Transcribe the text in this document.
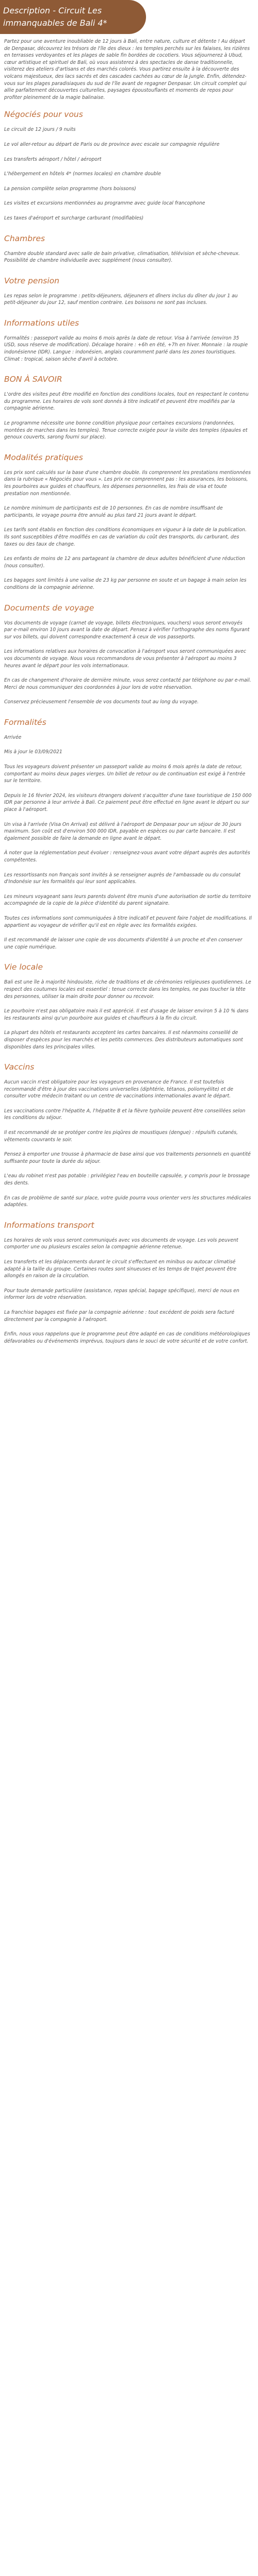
Description - Circuit Les immanquables de Bali 4*

Partez pour une aventure inoubliable de 12 jours à Bali, entre nature, culture et détente ! Au départ de Denpasar, découvrez les trésors de l'île des dieux : les temples perchés sur les falaises, les rizières en terrasses verdoyantes et les plages de sable fin bordées de cocotiers. Vous séjournerez à Ubud, cœur artistique et spirituel de Bali, où vous assisterez à des spectacles de danse traditionnelle, visiterez des ateliers d'artisans et des marchés colorés. Vous partirez ensuite à la découverte des volcans majestueux, des lacs sacrés et des cascades cachées au cœur de la jungle. Enfin, détendez-vous sur les plages paradisiaques du sud de l'île avant de regagner Denpasar. Un circuit complet qui allie parfaitement découvertes culturelles, paysages époustouflants et moments de repos pour profiter pleinement de la magie balinaise.

Négociés pour vous

Le circuit de 12 jours / 9 nuits

Le vol aller-retour au départ de Paris ou de province avec escale sur compagnie régulière

Les transferts aéroport / hôtel / aéroport

L'hébergement en hôtels 4* (normes locales) en chambre double

La pension complète selon programme (hors boissons)

Les visites et excursions mentionnées au programme avec guide local francophone

Les taxes d'aéroport et surcharge carburant (modifiables)

Chambres

Chambre double standard avec salle de bain privative, climatisation, télévision et sèche-cheveux. Possibilité de chambre individuelle avec supplément (nous consulter).

Votre pension

Les repas selon le programme : petits-déjeuners, déjeuners et dîners inclus du dîner du jour 1 au petit-déjeuner du jour 12, sauf mention contraire. Les boissons ne sont pas incluses.

Informations utiles

Formalités : passeport valide au moins 6 mois après la date de retour. Visa à l'arrivée (environ 35 USD, sous réserve de modification). Décalage horaire : +6h en été, +7h en hiver. Monnaie : la roupie indonésienne (IDR). Langue : indonésien, anglais couramment parlé dans les zones touristiques. Climat : tropical, saison sèche d'avril à octobre.

BON À SAVOIR

L'ordre des visites peut être modifié en fonction des conditions locales, tout en respectant le contenu du programme. Les horaires de vols sont donnés à titre indicatif et peuvent être modifiés par la compagnie aérienne.

Le programme nécessite une bonne condition physique pour certaines excursions (randonnées, montées de marches dans les temples). Tenue correcte exigée pour la visite des temples (épaules et genoux couverts, sarong fourni sur place).

Modalités pratiques

Les prix sont calculés sur la base d'une chambre double. Ils comprennent les prestations mentionnées dans la rubrique « Négociés pour vous ». Les prix ne comprennent pas : les assurances, les boissons, les pourboires aux guides et chauffeurs, les dépenses personnelles, les frais de visa et toute prestation non mentionnée.

Le nombre minimum de participants est de 10 personnes. En cas de nombre insuffisant de participants, le voyage pourra être annulé au plus tard 21 jours avant le départ.

Les tarifs sont établis en fonction des conditions économiques en vigueur à la date de la publication. Ils sont susceptibles d'être modifiés en cas de variation du coût des transports, du carburant, des taxes ou des taux de change.

Les enfants de moins de 12 ans partageant la chambre de deux adultes bénéficient d'une réduction (nous consulter).

Les bagages sont limités à une valise de 23 kg par personne en soute et un bagage à main selon les conditions de la compagnie aérienne.

Documents de voyage

Vos documents de voyage (carnet de voyage, billets électroniques, vouchers) vous seront envoyés par e-mail environ 10 jours avant la date de départ. Pensez à vérifier l'orthographe des noms figurant sur vos billets, qui doivent correspondre exactement à ceux de vos passeports.

Les informations relatives aux horaires de convocation à l'aéroport vous seront communiquées avec vos documents de voyage. Nous vous recommandons de vous présenter à l'aéroport au moins 3 heures avant le départ pour les vols internationaux.

En cas de changement d'horaire de dernière minute, vous serez contacté par téléphone ou par e-mail. Merci de nous communiquer des coordonnées à jour lors de votre réservation.

Conservez précieusement l'ensemble de vos documents tout au long du voyage.

Formalités

Arrivée

Mis à jour le 03/09/2021

Tous les voyageurs doivent présenter un passeport valide au moins 6 mois après la date de retour, comportant au moins deux pages vierges. Un billet de retour ou de continuation est exigé à l'entrée sur le territoire.

Depuis le 16 février 2024, les visiteurs étrangers doivent s'acquitter d'une taxe touristique de 150 000 IDR par personne à leur arrivée à Bali. Ce paiement peut être effectué en ligne avant le départ ou sur place à l'aéroport.

Un visa à l'arrivée (Visa On Arrival) est délivré à l'aéroport de Denpasar pour un séjour de 30 jours maximum. Son coût est d'environ 500 000 IDR, payable en espèces ou par carte bancaire. Il est également possible de faire la demande en ligne avant le départ.

À noter que la réglementation peut évoluer : renseignez-vous avant votre départ auprès des autorités compétentes.

Les ressortissants non français sont invités à se renseigner auprès de l'ambassade ou du consulat d'Indonésie sur les formalités qui leur sont applicables.

Les mineurs voyageant sans leurs parents doivent être munis d'une autorisation de sortie du territoire accompagnée de la copie de la pièce d'identité du parent signataire.

Toutes ces informations sont communiquées à titre indicatif et peuvent faire l'objet de modifications. Il appartient au voyageur de vérifier qu'il est en règle avec les formalités exigées.

Il est recommandé de laisser une copie de vos documents d'identité à un proche et d'en conserver une copie numérique.

Vie locale

Bali est une île à majorité hindouiste, riche de traditions et de cérémonies religieuses quotidiennes. Le respect des coutumes locales est essentiel : tenue correcte dans les temples, ne pas toucher la tête des personnes, utiliser la main droite pour donner ou recevoir.

Le pourboire n'est pas obligatoire mais il est apprécié. Il est d'usage de laisser environ 5 à 10 % dans les restaurants ainsi qu'un pourboire aux guides et chauffeurs à la fin du circuit.

La plupart des hôtels et restaurants acceptent les cartes bancaires. Il est néanmoins conseillé de disposer d'espèces pour les marchés et les petits commerces. Des distributeurs automatiques sont disponibles dans les principales villes.

Vaccins

Aucun vaccin n'est obligatoire pour les voyageurs en provenance de France. Il est toutefois recommandé d'être à jour des vaccinations universelles (diphtérie, tétanos, poliomyélite) et de consulter votre médecin traitant ou un centre de vaccinations internationales avant le départ.

Les vaccinations contre l'hépatite A, l'hépatite B et la fièvre typhoïde peuvent être conseillées selon les conditions du séjour.

Il est recommandé de se protéger contre les piqûres de moustiques (dengue) : répulsifs cutanés, vêtements couvrants le soir.

Pensez à emporter une trousse à pharmacie de base ainsi que vos traitements personnels en quantité suffisante pour toute la durée du séjour.

L'eau du robinet n'est pas potable : privilégiez l'eau en bouteille capsulée, y compris pour le brossage des dents.

En cas de problème de santé sur place, votre guide pourra vous orienter vers les structures médicales adaptées.

Informations transport

Les horaires de vols vous seront communiqués avec vos documents de voyage. Les vols peuvent comporter une ou plusieurs escales selon la compagnie aérienne retenue.

Les transferts et les déplacements durant le circuit s'effectuent en minibus ou autocar climatisé adapté à la taille du groupe. Certaines routes sont sinueuses et les temps de trajet peuvent être allongés en raison de la circulation.

Pour toute demande particulière (assistance, repas spécial, bagage spécifique), merci de nous en informer lors de votre réservation.

La franchise bagages est fixée par la compagnie aérienne : tout excédent de poids sera facturé directement par la compagnie à l'aéroport.

Enfin, nous vous rappelons que le programme peut être adapté en cas de conditions météorologiques défavorables ou d'événements imprévus, toujours dans le souci de votre sécurité et de votre confort.
